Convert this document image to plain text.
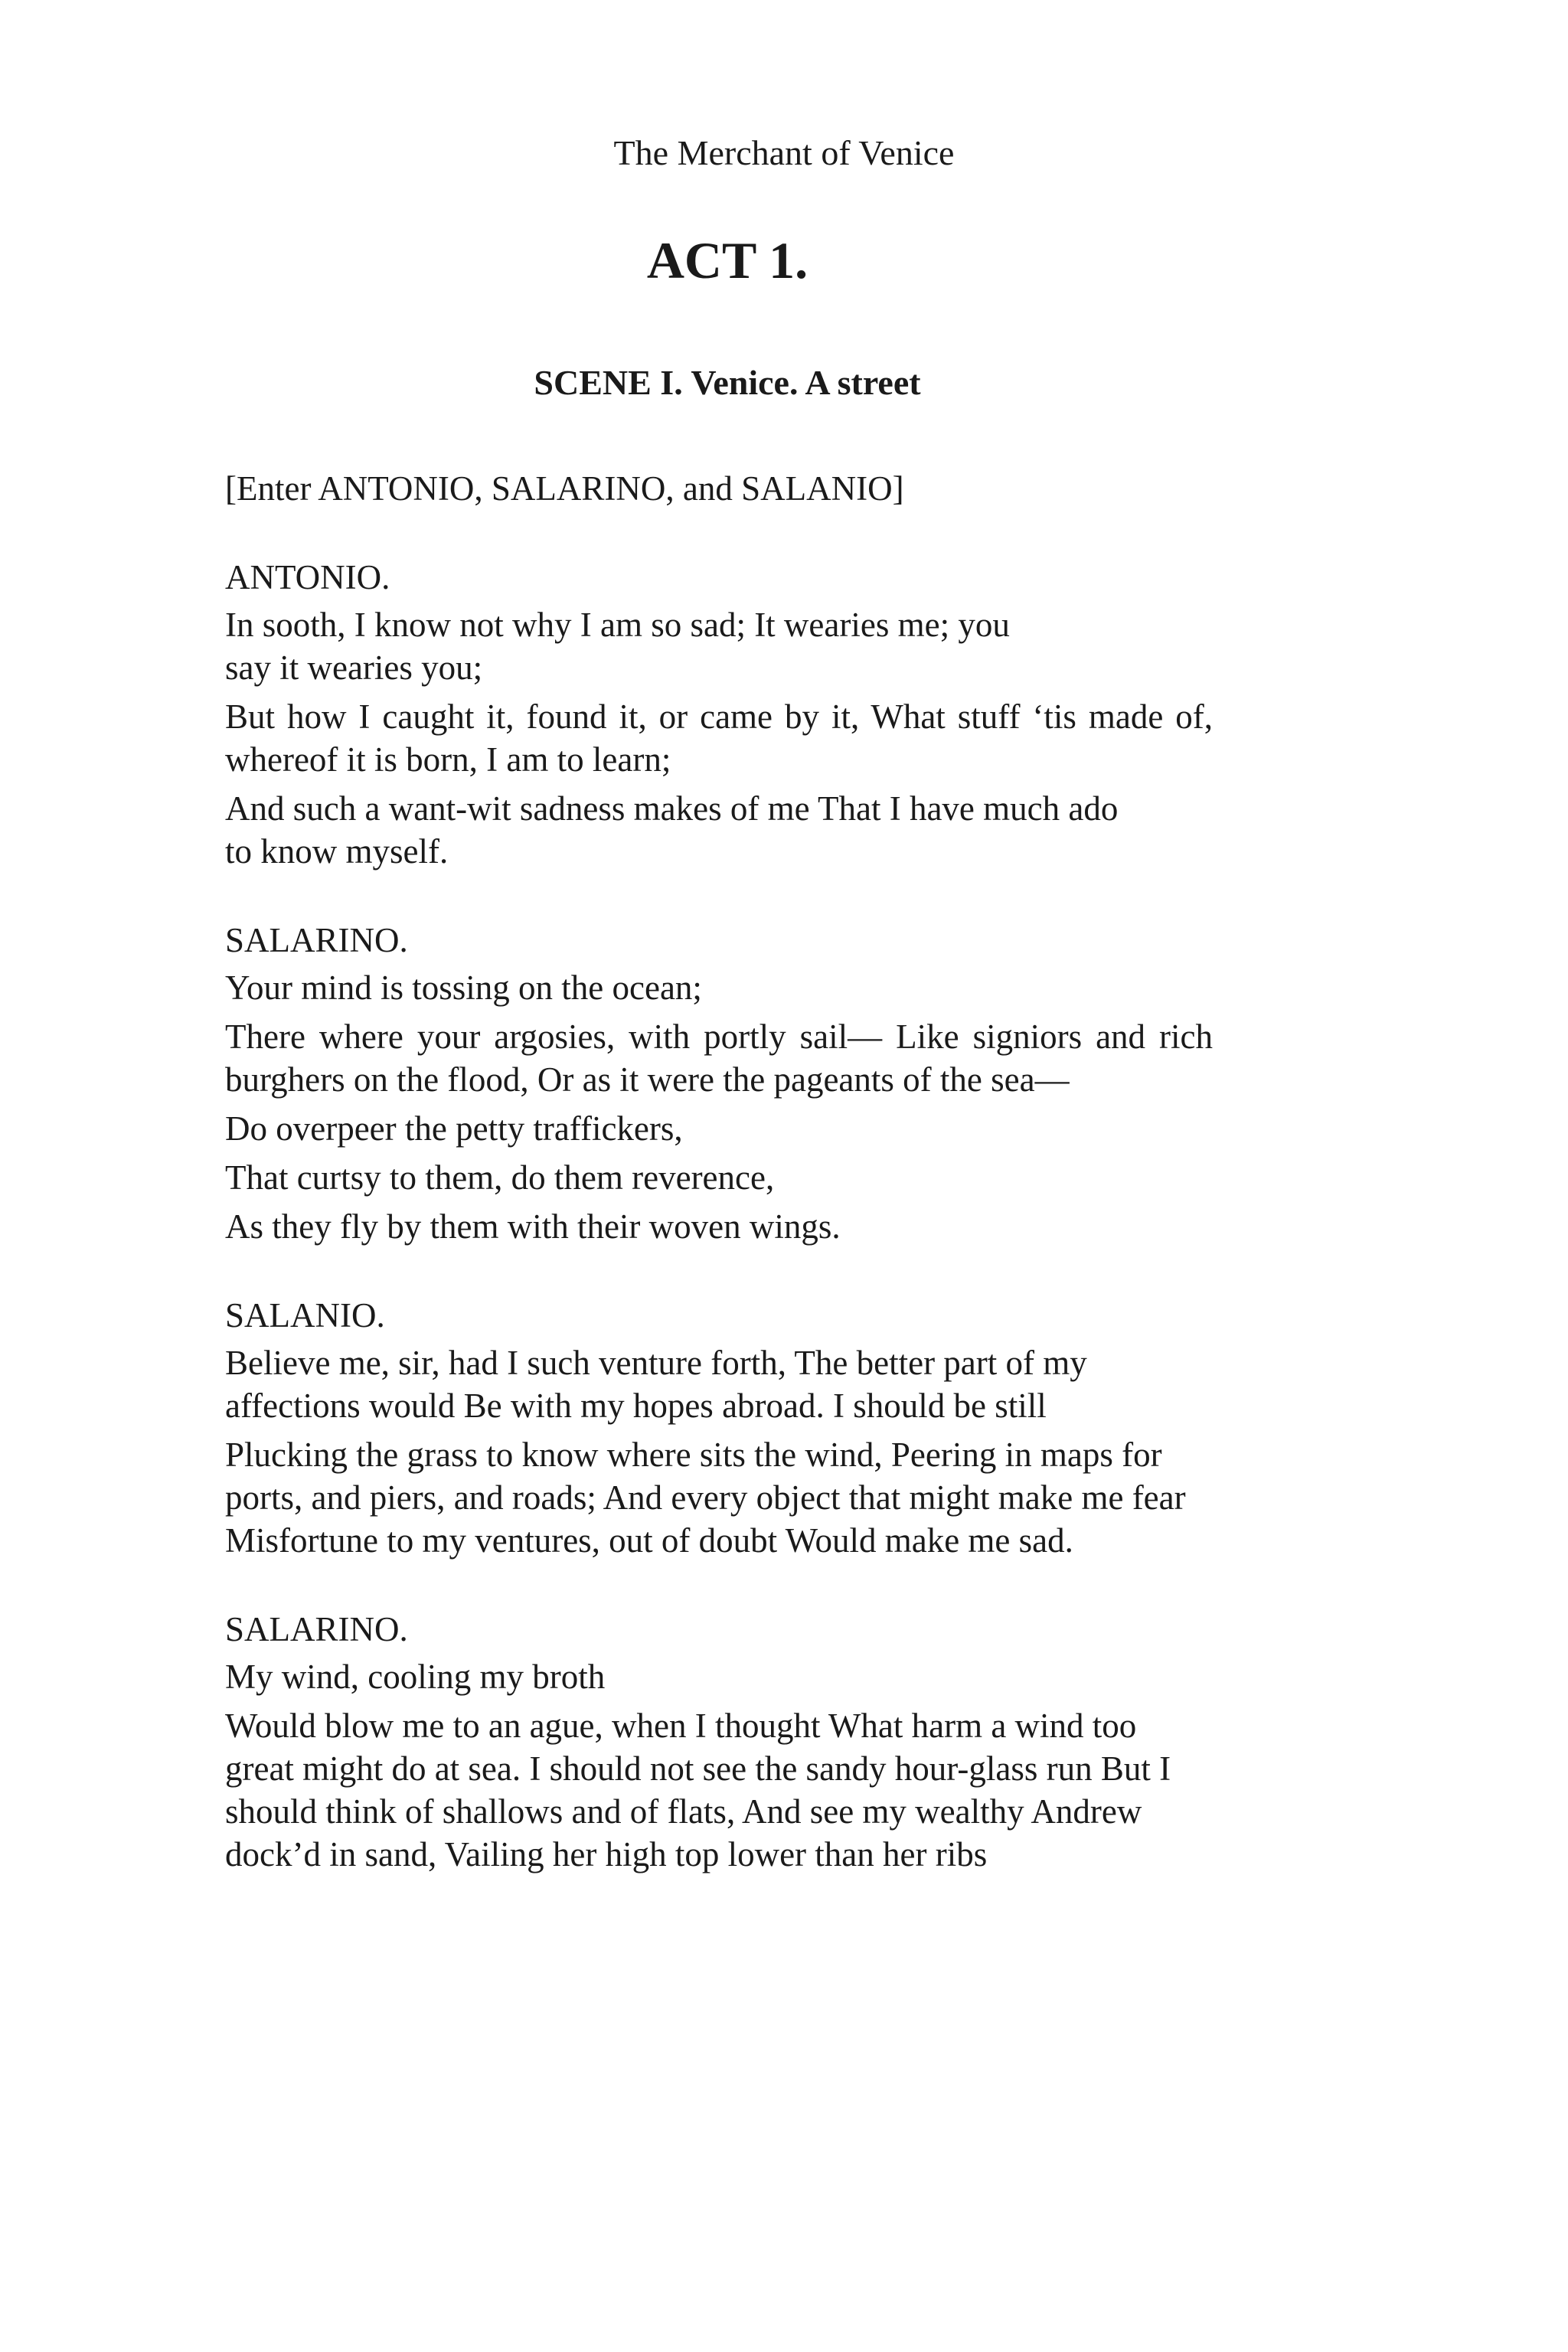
The Merchant of Venice
ACT 1.
SCENE I. Venice. A street
[Enter ANTONIO, SALARINO, and SALANIO]
ANTONIO.
In sooth, I know not why I am so sad; It wearies me; you say it wearies you;
But how I caught it, found it, or came by it, What stuff ‘tis made of, whereof it is born, I am to learn;
And such a want-wit sadness makes of me That I have much ado to know myself.
SALARINO.
Your mind is tossing on the ocean;
There where your argosies, with portly sail— Like signiors and rich burghers on the flood, Or as it were the pageants of the sea—
Do overpeer the petty traffickers,
That curtsy to them, do them reverence,
As they fly by them with their woven wings.
SALANIO.
Believe me, sir, had I such venture forth, The better part of my affections would Be with my hopes abroad. I should be still
Plucking the grass to know where sits the wind, Peering in maps for ports, and piers, and roads; And every object that might make me fear Misfortune to my ventures, out of doubt Would make me sad.
SALARINO.
My wind, cooling my broth
Would blow me to an ague, when I thought What harm a wind too great might do at sea. I should not see the sandy hour-glass run But I should think of shallows and of flats, And see my wealthy Andrew dock’d in sand, Vailing her high top lower than her ribs
